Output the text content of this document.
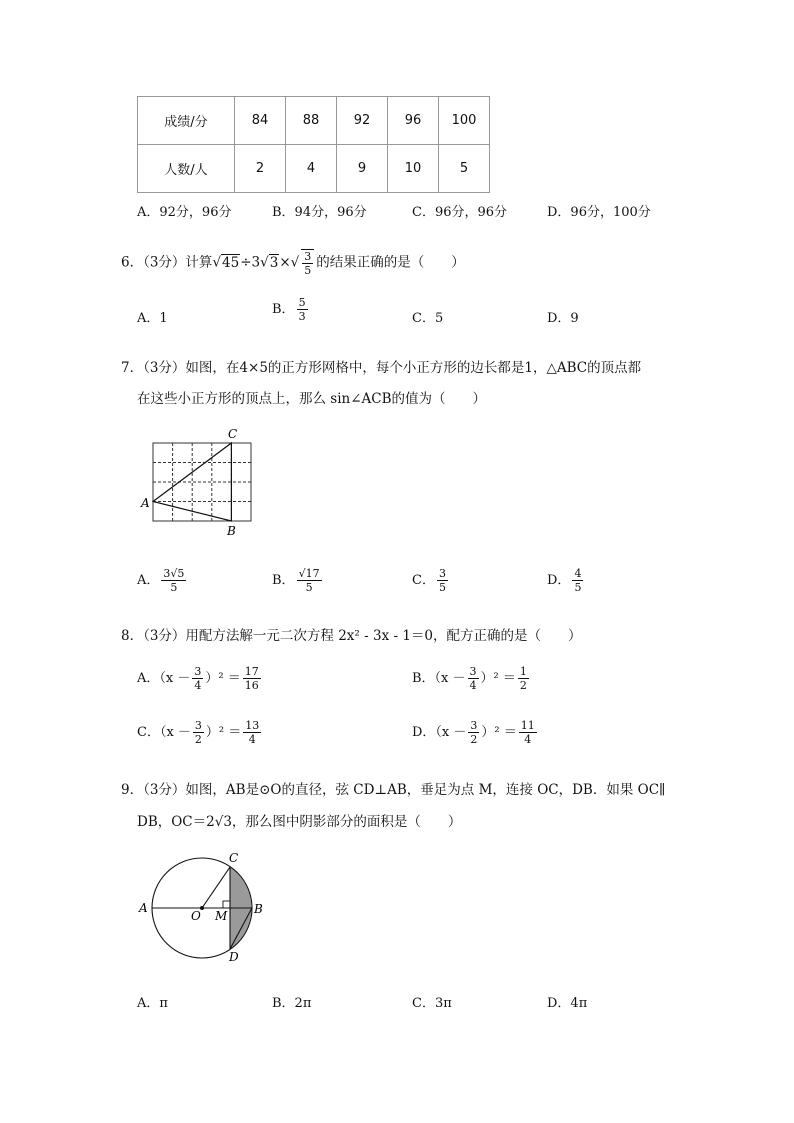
成绩/分	84	88	92	96	100
人数/人	2	4	9	10	5
A．92分，96分	B．94分，96分	C．96分，96分	D．96分，100分
6．（3分）计算$√45\div 3√3\times√ \frac{3}{5}$ 的结果正确的是（　　）
A．1
B． $\frac{5}{3}$	C．5	D．9
7．（3分）如图，在4×5的正方形网格中，每个小正方形的边长都是1，△ABC的顶点都
在这些小正方形的顶点上，那么 sin∠ACB的值为（　　）
A
B
C
A． $\frac{3√5}{5}$	B． $\frac{√17}{5}$	C． $\frac{3}{5}$	D． $\frac{4}{5}$
8．（3分）用配方法解一元二次方程 2x² - 3x - 1＝0，配方正确的是（　　）
A．$(x - \frac{3}{4} )^2 = \frac{17}{16}$	B．$(x - \frac{3}{4} )^2 = \frac{1}{2}$
C．$(x - \frac{3}{2} )^2 = \frac{13}{4}$	D．$(x - \frac{3}{2} )^2 = \frac{11}{4}$
9．（3分）如图，AB是⊙O的直径，弦 CD⊥AB，垂足为点 M，连接 OC，DB．如果 OC∥
DB，OC＝2√3，那么图中阴影部分的面积是（　　）
A	B
C
D
O M
A．π	B．2π	C．3π	D．4π
